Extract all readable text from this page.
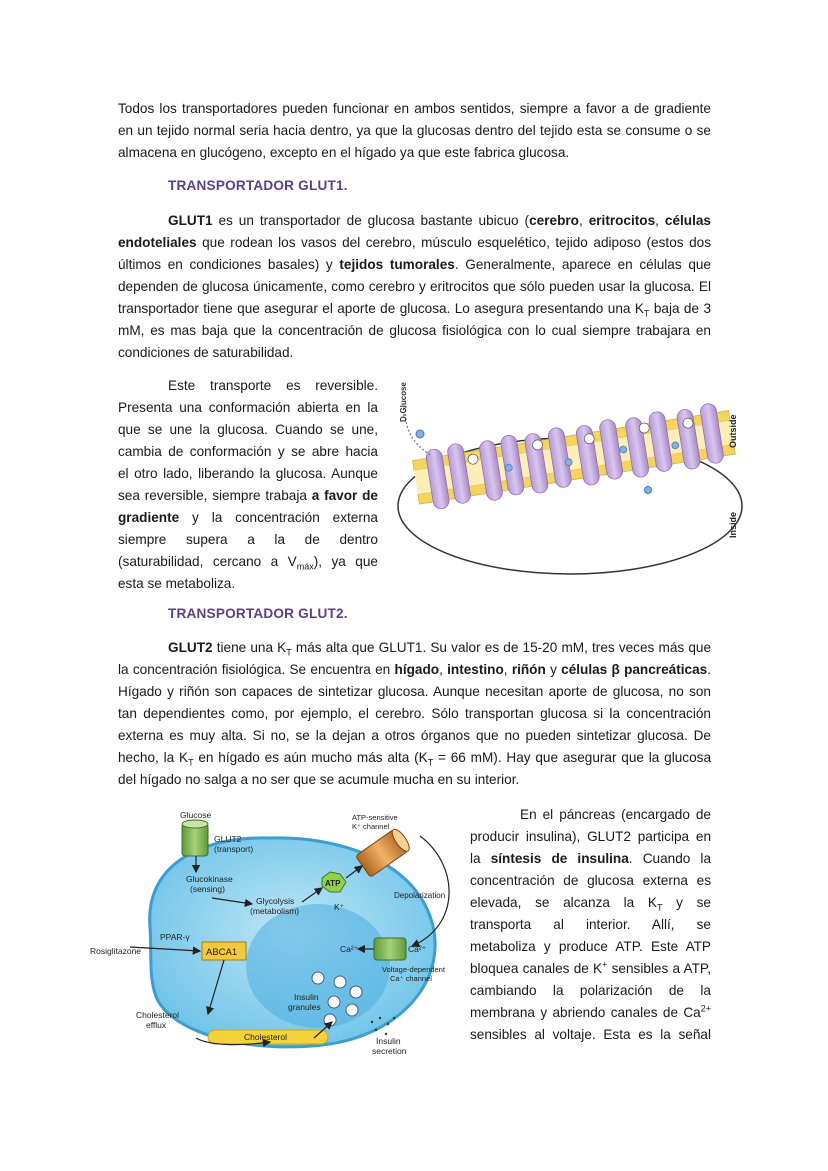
Todos los transportadores pueden funcionar en ambos sentidos, siempre a favor a de gradiente en un tejido normal seria hacia dentro, ya que la glucosas dentro del tejido esta se consume o se almacena en glucógeno, excepto en el hígado ya que este fabrica glucosa.
TRANSPORTADOR GLUT1.
GLUT1 es un transportador de glucosa bastante ubicuo (cerebro, eritrocitos, células endoteliales que rodean los vasos del cerebro, músculo esquelético, tejido adiposo (estos dos últimos en condiciones basales) y tejidos tumorales. Generalmente, aparece en células que dependen de glucosa únicamente, como cerebro y eritrocitos que sólo pueden usar la glucosa. El transportador tiene que asegurar el aporte de glucosa. Lo asegura presentando una $K_T$ baja de 3 mM, es mas baja que la concentración de glucosa fisiológica con lo cual siempre trabajara en condiciones de saturabilidad.
Este transporte es reversible.
Presenta una conformación abierta en la
que se une la glucosa. Cuando se une,
cambia de conformación y se abre hacia
el otro lado, liberando la glucosa. Aunque
sea reversible, siempre trabaja a favor de
gradiente y la concentración externa
siempre supera a la de dentro
(saturabilidad, cercano a $V_{máx}$), ya que
esta se metaboliza.
D-Glucose
Outside
Inside
TRANSPORTADOR GLUT2.
GLUT2 tiene una $K_T$ más alta que GLUT1. Su valor es de 15-20 mM, tres veces más que la concentración fisiológica. Se encuentra en hígado, intestino, riñón y células β pancreáticas. Hígado y riñón son capaces de sintetizar glucosa. Aunque necesitan aporte de glucosa, no son tan dependientes como, por ejemplo, el cerebro. Sólo transportan glucosa si la concentración externa es muy alta. Si no, se la dejan a otros órganos que no pueden sintetizar glucosa. De hecho, la $K_T$ en hígado es aún mucho más alta ($K_T = 66$ mM). Hay que asegurar que la glucosa del hígado no salga a no ser que se acumule mucha en su interior.
En el páncreas (encargado de
producir insulina), GLUT2 participa en
la síntesis de insulina. Cuando la
concentración de glucosa externa es
elevada, se alcanza la $K_T$ y se
transporta al interior. Allí, se
metaboliza y produce ATP. Este ATP
bloquea canales de K+ sensibles a ATP,
cambiando la polarización de la
membrana y abriendo canales de $Ca^{2+}$
sensibles al voltaje. Esta es la señal
Glucose
GLUT2
(transport)
Glucokinase
(sensing)
Glycolysis
(metabolism)
ATP
ATP-sensitive
K⁺ channel
K⁺
Depolarization
PPAR-γ
Rosiglitazone	ABCA1	Ca²⁺	Ca²⁺
Voltage-dependent
Ca⁺ channel
Insulin
granules
Cholesterol
efflux
Cholesterol	Insulin
secretion
